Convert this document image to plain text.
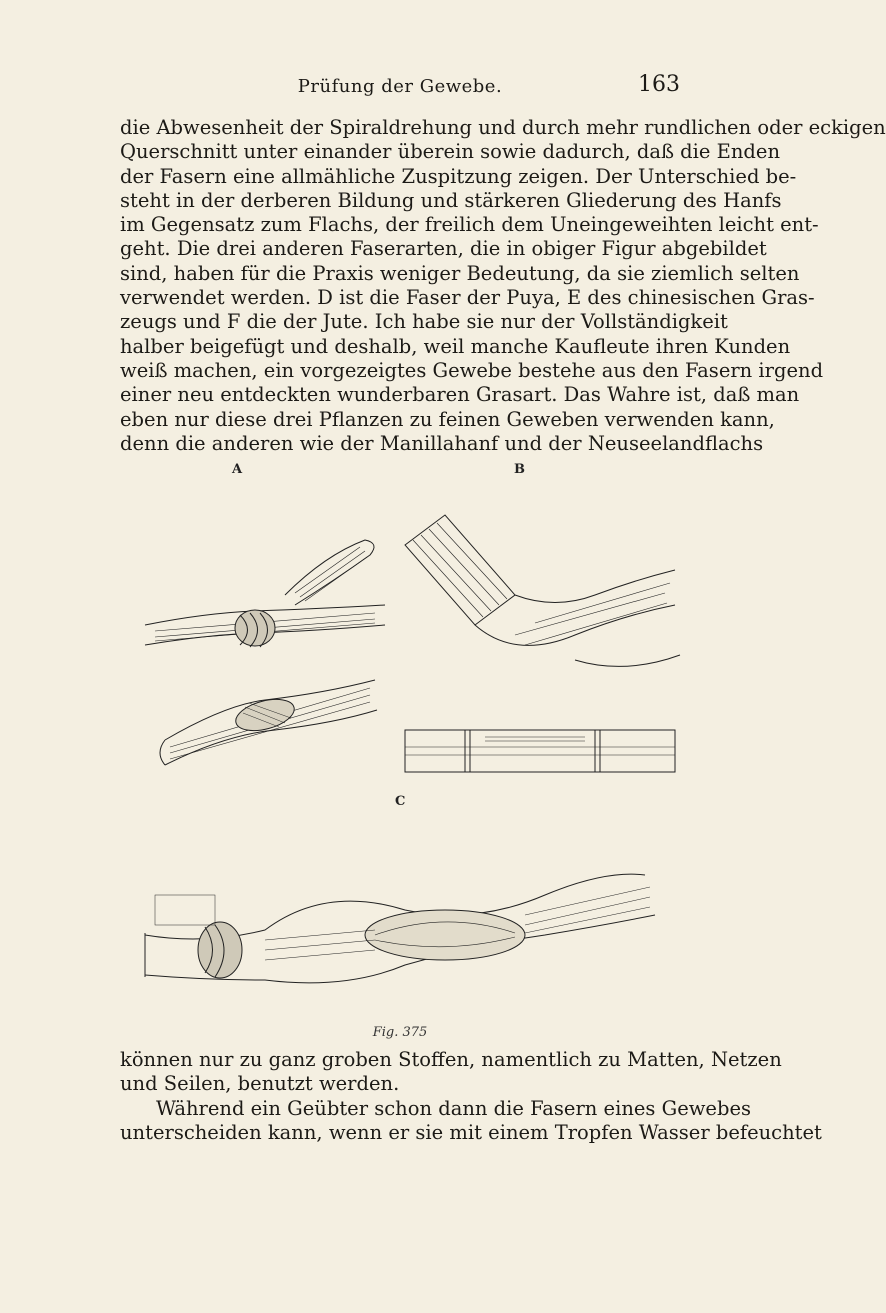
Prüfung der Gewebe.	163
die Abwesenheit der Spiraldrehung und durch mehr rundlichen oder eckigen
Querschnitt unter einander überein sowie dadurch, daß die Enden
der Fasern eine allmähliche Zuspitzung zeigen. Der Unterschied be-
steht in der derberen Bildung und stärkeren Gliederung des Hanfs
im Gegensatz zum Flachs, der freilich dem Uneingeweihten leicht ent-
geht. Die drei anderen Faserarten, die in obiger Figur abgebildet
sind, haben für die Praxis weniger Bedeutung, da sie ziemlich selten
verwendet werden. D ist die Faser der Puya, E des chinesischen Gras-
zeugs und F die der Jute. Ich habe sie nur der Vollständigkeit
halber beigefügt und deshalb, weil manche Kaufleute ihren Kunden
weiß machen, ein vorgezeigtes Gewebe bestehe aus den Fasern irgend
einer neu entdeckten wunderbaren Grasart. Das Wahre ist, daß man
eben nur diese drei Pflanzen zu feinen Geweben verwenden kann,
denn die anderen wie der Manillahanf und der Neuseelandflachs
A	B
C
Fig. 375
können nur zu ganz groben Stoffen, namentlich zu Matten, Netzen
und Seilen, benutzt werden.
Während ein Geübter schon dann die Fasern eines Gewebes
unterscheiden kann, wenn er sie mit einem Tropfen Wasser befeuchtet
